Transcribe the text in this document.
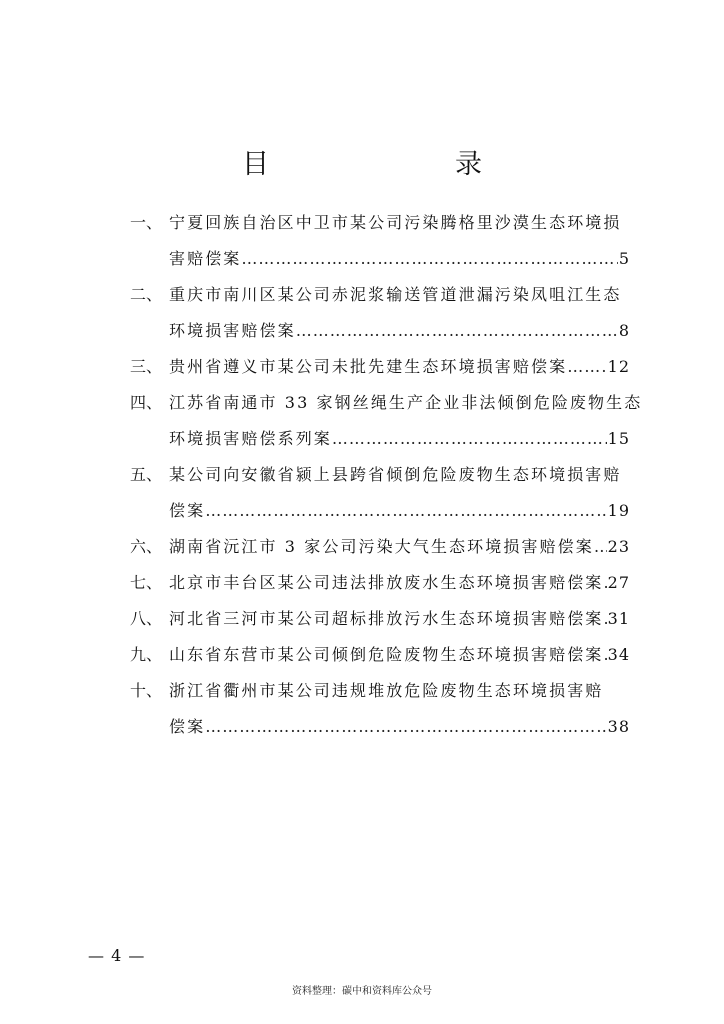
目　　录
一、 宁夏回族自治区中卫市某公司污染腾格里沙漠生态环境损
害赔偿案 ……………………………………………………………………………………………………………………	5
二、 重庆市南川区某公司赤泥浆输送管道泄漏污染凤咀江生态
环境损害赔偿案 ……………………………………………………………………………………………………………………	8
三、 贵州省遵义市某公司未批先建生态环境损害赔偿案 ……………………………………………………………………………………………………………………	12
四、 江苏省南通市 33 家钢丝绳生产企业非法倾倒危险废物生态
环境损害赔偿系列案 ……………………………………………………………………………………………………………………	15
五、 某公司向安徽省颍上县跨省倾倒危险废物生态环境损害赔
偿案 ……………………………………………………………………………………………………………………	19
六、 湖南省沅江市 3 家公司污染大气生态环境损害赔偿案 …………………………………………………………………………………………………………………… 23
七、 北京市丰台区某公司违法排放废水生态环境损害赔偿案 …………………………………………………………………………………………………………………… 27
八、 河北省三河市某公司超标排放污水生态环境损害赔偿案 …………………………………………………………………………………………………………………… 31
九、 山东省东营市某公司倾倒危险废物生态环境损害赔偿案 …………………………………………………………………………………………………………………… 34
十、 浙江省衢州市某公司违规堆放危险废物生态环境损害赔
偿案 ……………………………………………………………………………………………………………………	38
— 4 —
资料整理：碳中和资料库公众号
